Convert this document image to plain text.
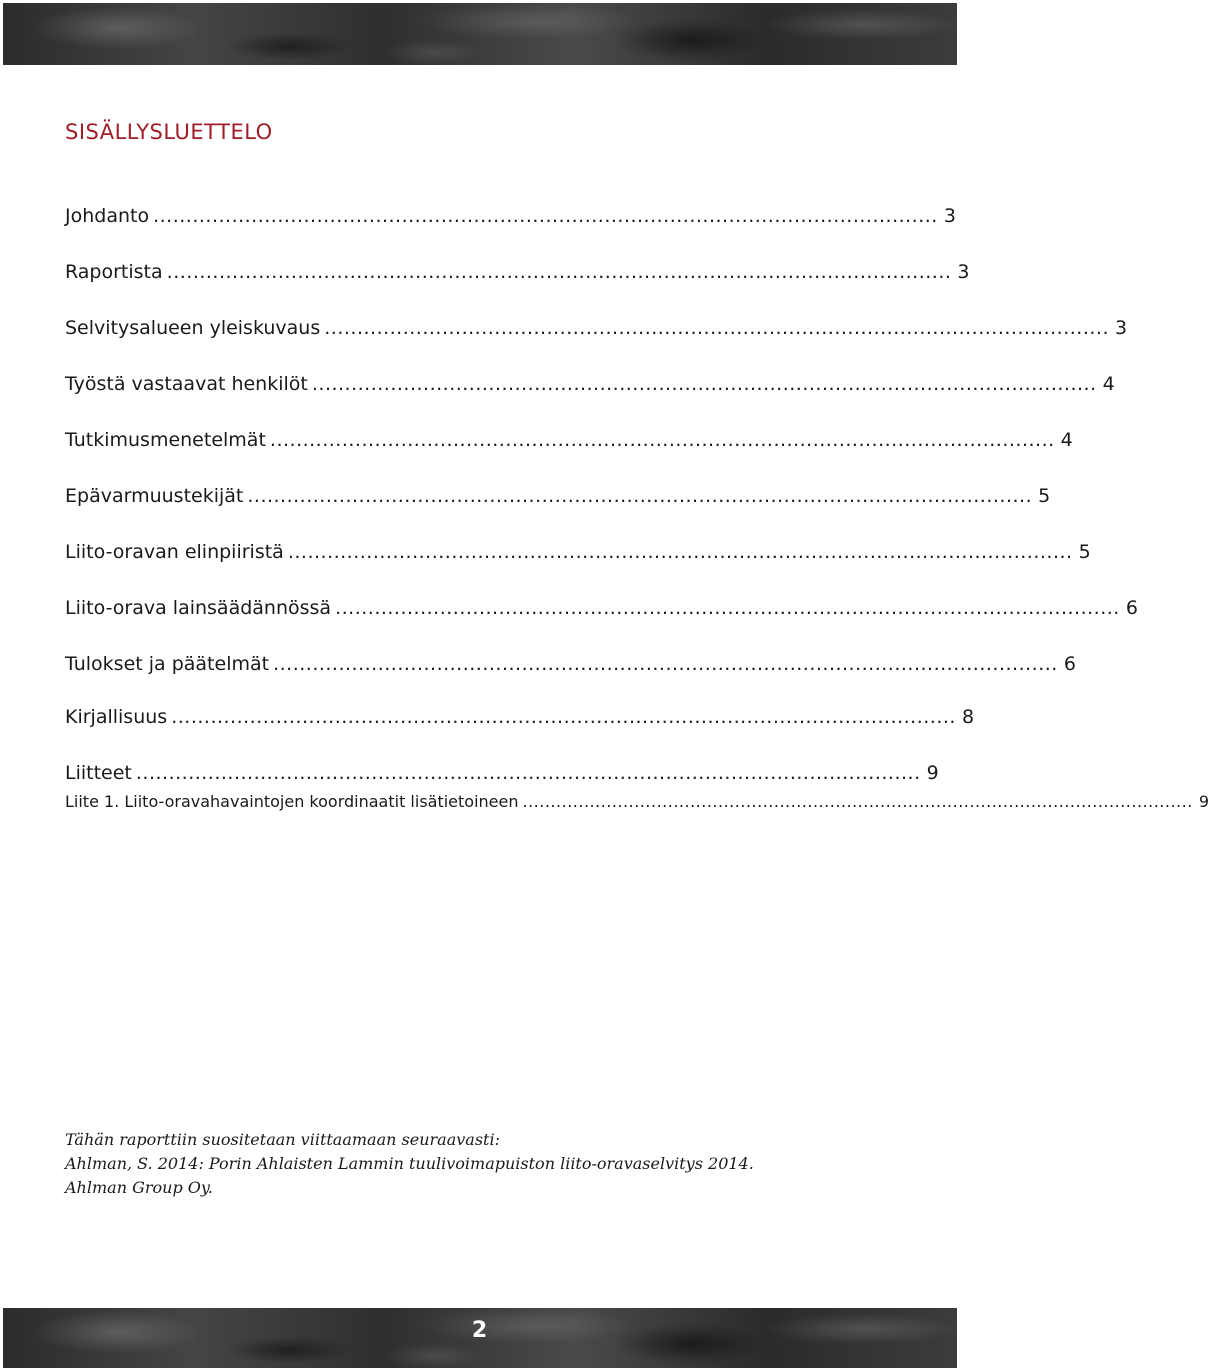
SISÄLLYSLUETTELO
Johdanto ........................................................................................................................ 3
Raportista ........................................................................................................................ 3
Selvitysalueen yleiskuvaus ........................................................................................................................ 3
Työstä vastaavat henkilöt ........................................................................................................................ 4
Tutkimusmenetelmät ........................................................................................................................ 4
Epävarmuustekijät ........................................................................................................................ 5
Liito-oravan elinpiiristä ........................................................................................................................ 5
Liito-orava lainsäädännössä ........................................................................................................................ 6
Tulokset ja päätelmät ........................................................................................................................ 6
Kirjallisuus ........................................................................................................................ 8
Liitteet ........................................................................................................................ 9
Liite 1. Liito-oravahavaintojen koordinaatit lisätietoineen ........................................................................................................................ 9

Tähän raporttiin suositetaan viittaamaan seuraavasti:
Ahlman, S. 2014: Porin Ahlaisten Lammin tuulivoimapuiston liito-oravaselvitys 2014.
Ahlman Group Oy.

2
